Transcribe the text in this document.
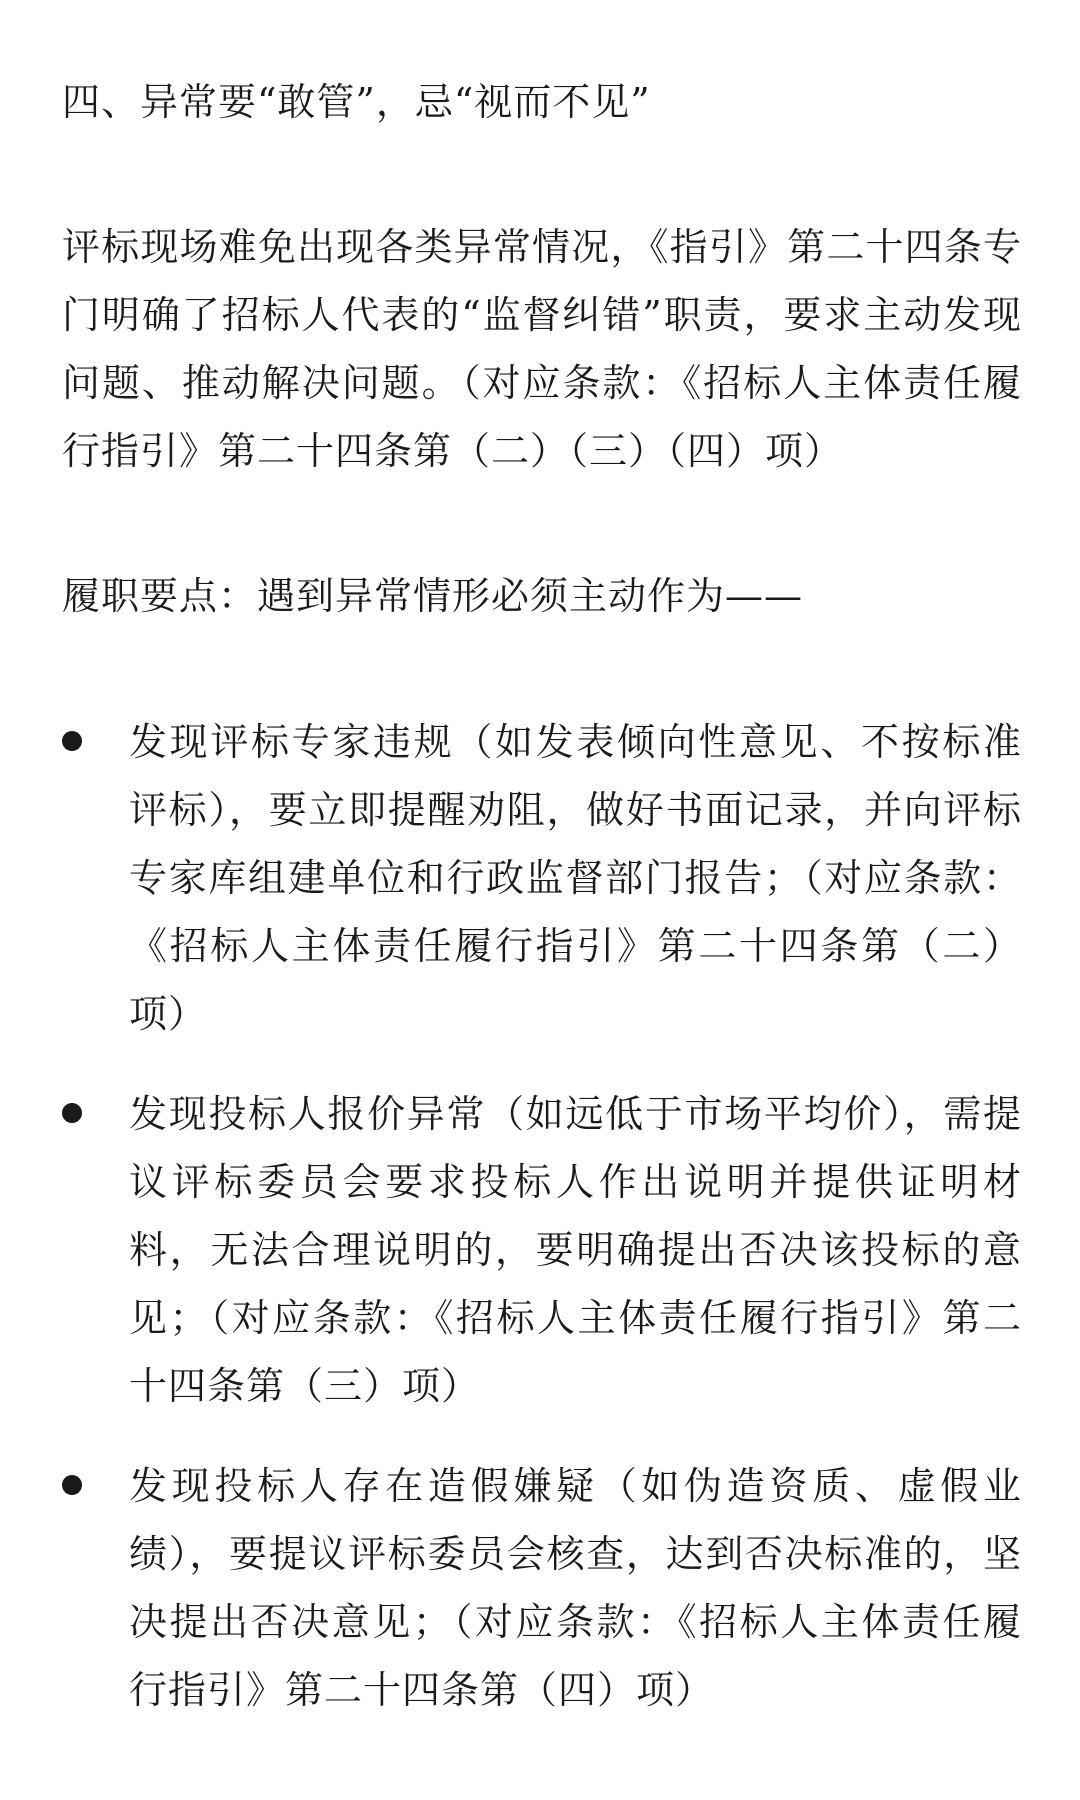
四、异常要“敢管”，忌“视而不见”

评标现场难免出现各类异常情况，《指引》第二十四条专门明确了招标人代表的“监督纠错”职责，要求主动发现问题、推动解决问题。（对应条款：《招标人主体责任履行指引》第二十四条第（二）（三）（四）项）

履职要点：遇到异常情形必须主动作为——

发现评标专家违规（如发表倾向性意见、不按标准评标），要立即提醒劝阻，做好书面记录，并向评标专家库组建单位和行政监督部门报告；（对应条款：《招标人主体责任履行指引》第二十四条第（二）项）
发现投标人报价异常（如远低于市场平均价），需提议评标委员会要求投标人作出说明并提供证明材料，无法合理说明的，要明确提出否决该投标的意见；（对应条款：《招标人主体责任履行指引》第二十四条第（三）项）
发现投标人存在造假嫌疑（如伪造资质、虚假业绩），要提议评标委员会核查，达到否决标准的，坚决提出否决意见；（对应条款：《招标人主体责任履行指引》第二十四条第（四）项）
